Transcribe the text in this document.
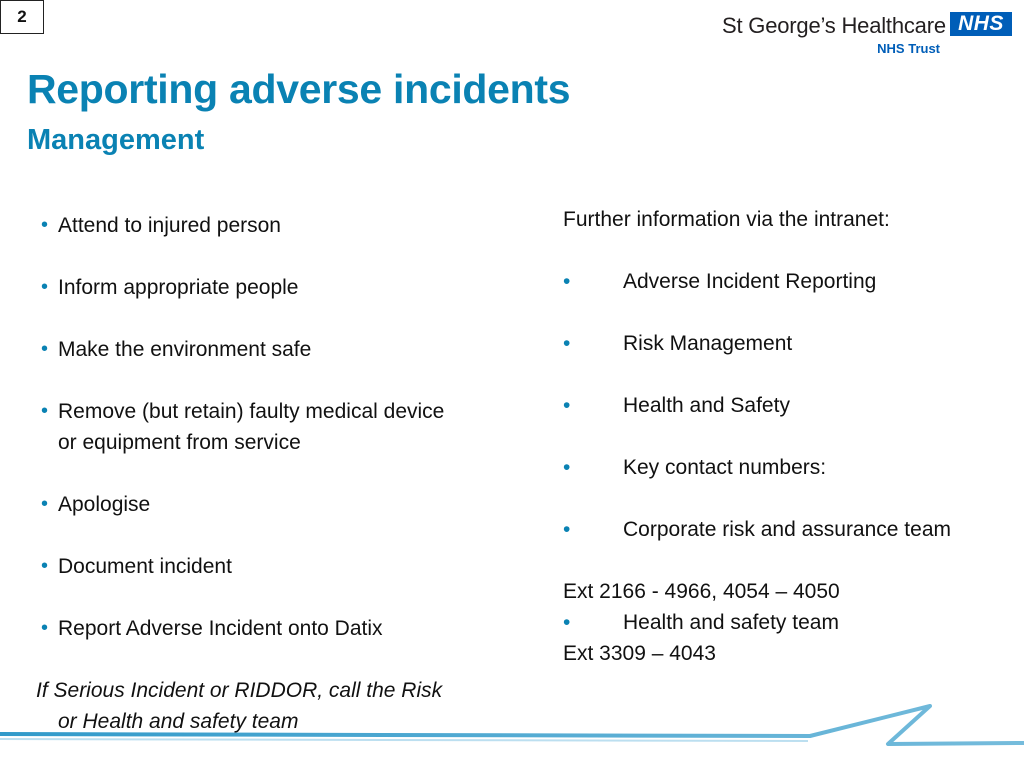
2	St George’s Healthcare NHS
NHS Trust
Reporting adverse incidents
Management
• Attend to injured person
• Inform appropriate people
• Make the environment safe
• Remove (but retain) faulty medical device or equipment from service
• Apologise
• Document incident
• Report Adverse Incident onto Datix

If Serious Incident or RIDDOR, call the Risk or Health and safety team

Further information via the intranet:

•	Adverse Incident Reporting
•	Risk Management
•	Health and Safety
•	Key contact numbers:
•	Corporate risk and assurance team

Ext 2166 - 4966, 4054 – 4050

•	Health and safety team

Ext 3309 – 4043
